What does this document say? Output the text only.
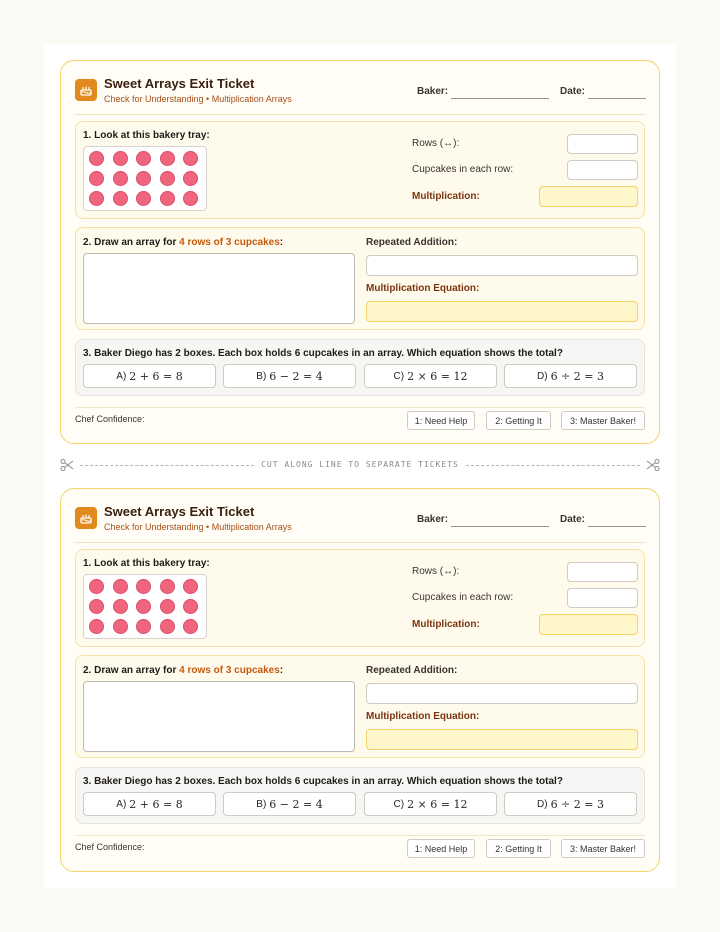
Sweet Arrays Exit Ticket
Check for Understanding • Multiplication Arrays
Baker:	Date:
1. Look at this bakery tray:
Rows (↔):
Cupcakes in each row:
Multiplication:
2. Draw an array for 4 rows of 3 cupcakes:	Repeated Addition:
Multiplication Equation:
3. Baker Diego has 2 boxes. Each box holds 6 cupcakes in an array. Which equation shows the total?
A) 2 + 6 = 8	B) 6 − 2 = 4	C) 2 × 6 = 12	D) 6 ÷ 2 = 3
Chef Confidence:	1: Need Help	2: Getting It	3: Master Baker!
CUT ALONG LINE TO SEPARATE TICKETS
Sweet Arrays Exit Ticket
Check for Understanding • Multiplication Arrays
Baker:	Date:
1. Look at this bakery tray:
Rows (↔):
Cupcakes in each row:
Multiplication:
2. Draw an array for 4 rows of 3 cupcakes:	Repeated Addition:
Multiplication Equation:
3. Baker Diego has 2 boxes. Each box holds 6 cupcakes in an array. Which equation shows the total?
A) 2 + 6 = 8	B) 6 − 2 = 4	C) 2 × 6 = 12	D) 6 ÷ 2 = 3
Chef Confidence:	1: Need Help	2: Getting It	3: Master Baker!
